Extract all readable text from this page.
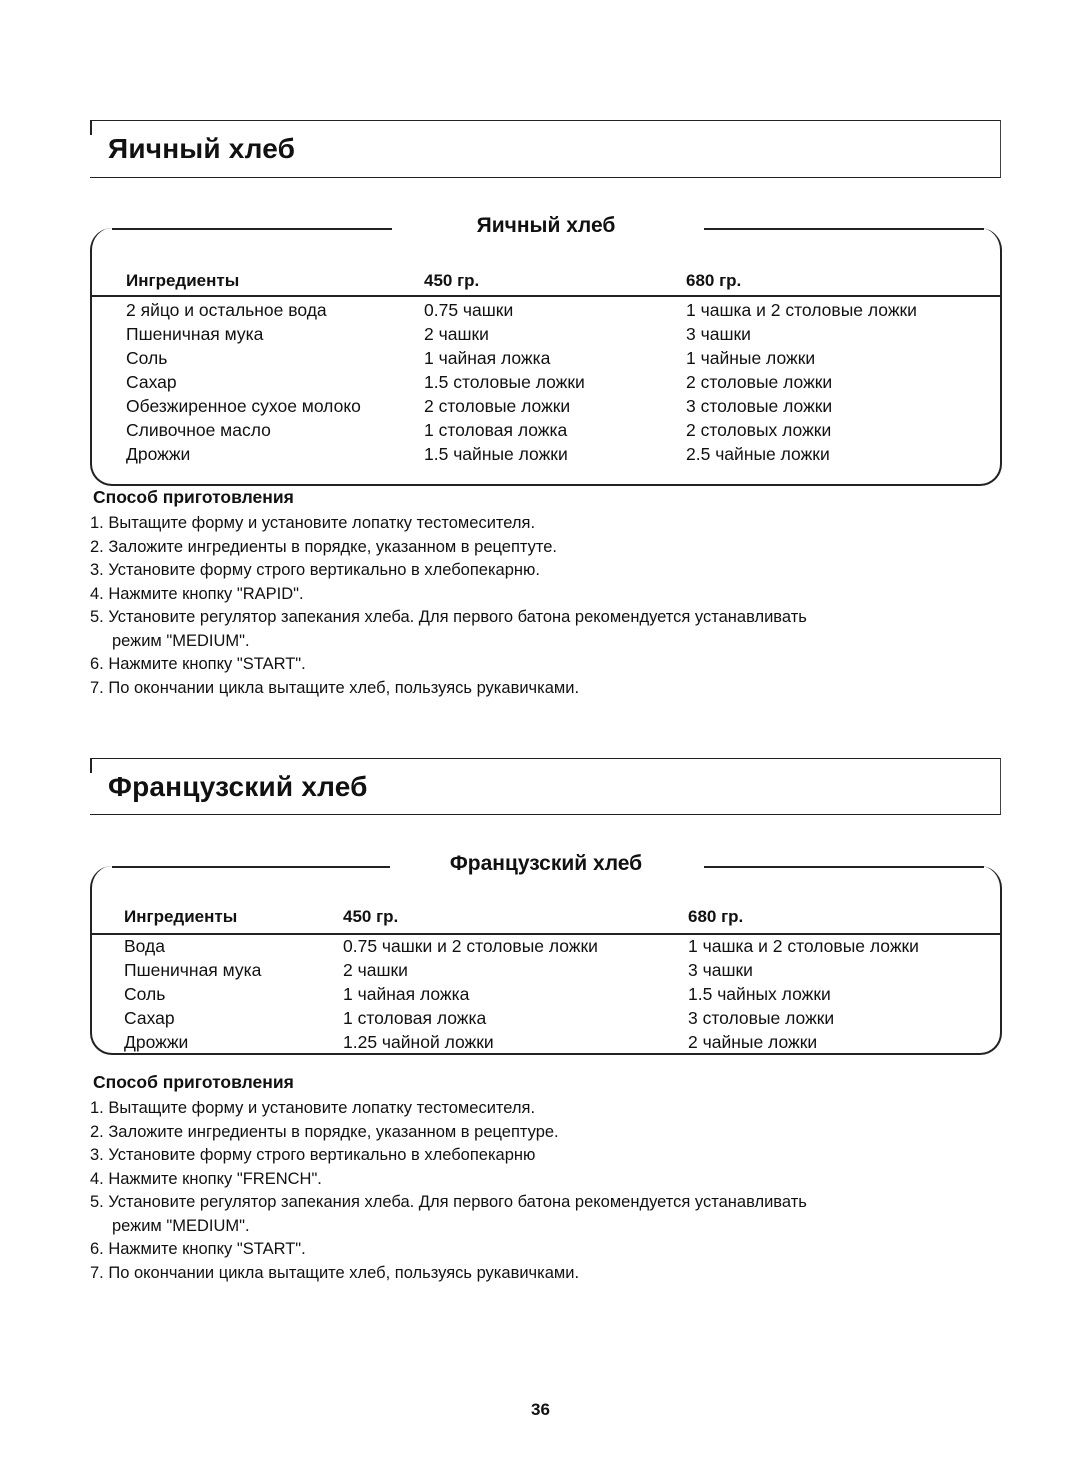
Яичный хлеб
Яичный хлеб
Ингредиенты	450 гр.	680 гр.
2 яйцо и остальное вода	0.75 чашки	1 чашка и 2 столовые ложки
Пшеничная мука	2 чашки	3 чашки
Соль	1 чайная ложка	1 чайные ложки
Сахар	1.5 столовые ложки	2 столовые ложки
Обезжиренное сухое молоко	2 столовые ложки	3 столовые ложки
Сливочное масло	1 столовая ложка	2 столовых ложки
Дрожжи	1.5 чайные ложки	2.5 чайные ложки
Способ приготовления
1. Вытащите форму и установите лопатку тестомесителя.
2. Заложите ингредиенты в порядке, указанном в рецептуте.
3. Установите форму строго вертикально в хлебопекарню.
4. Нажмите кнопку "RAPID".
5. Установите регулятор запекания хлеба. Для первого батона рекомендуется устанавливать
режим "MEDIUM".
6. Нажмите кнопку "START".
7. По окончании цикла вытащите хлеб, пользуясь рукавичками.
Французский хлеб
Французский хлеб
Ингредиенты	450 гр.	680 гр.
Вода	0.75 чашки и 2 столовые ложки	1 чашка и 2 столовые ложки
Пшеничная мука	2 чашки	3 чашки
Соль	1 чайная ложка	1.5 чайных ложки
Сахар	1 столовая ложка	3 столовые ложки
Дрожжи	1.25 чайной ложки	2 чайные ложки
Способ приготовления
1. Вытащите форму и установите лопатку тестомесителя.
2. Заложите ингредиенты в порядке, указанном в рецептуре.
3. Установите форму строго вертикально в хлебопекарню
4. Нажмите кнопку "FRENCH".
5. Установите регулятор запекания хлеба. Для первого батона рекомендуется устанавливать
режим "MEDIUM".
6. Нажмите кнопку "START".
7. По окончании цикла вытащите хлеб, пользуясь рукавичками.
36
